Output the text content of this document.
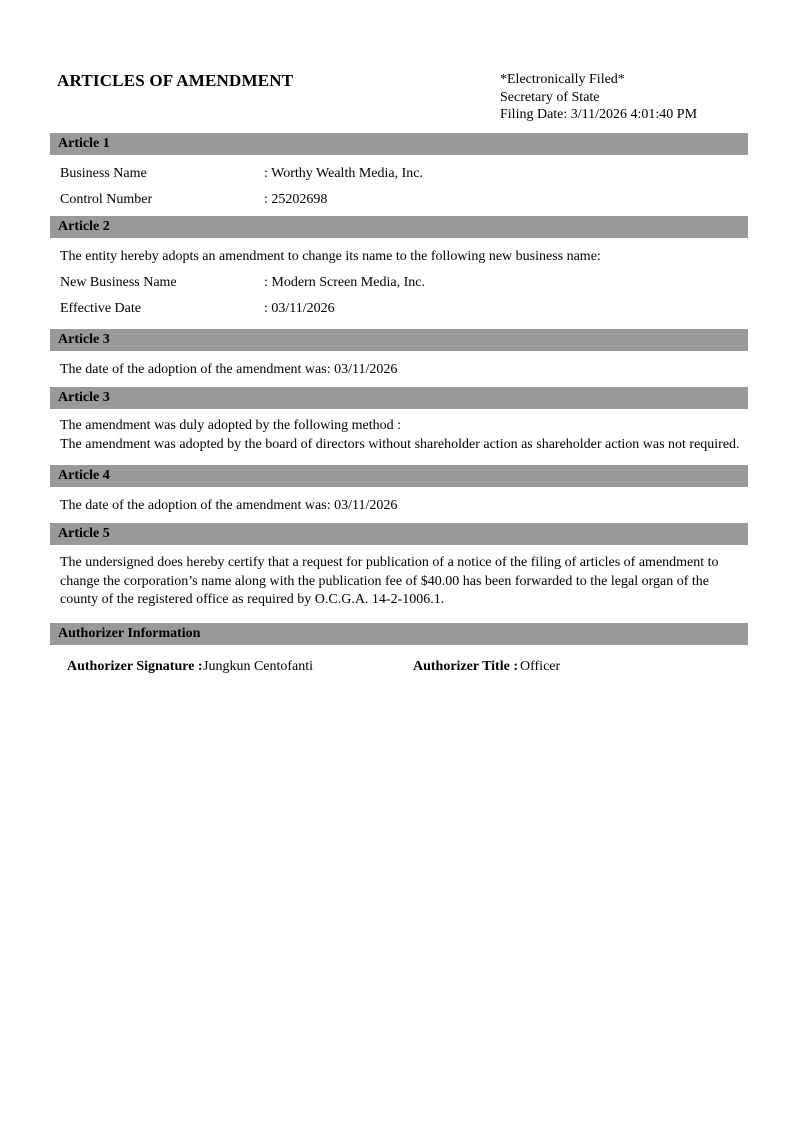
ARTICLES OF AMENDMENT	*Electronically Filed*
Secretary of State
Filing Date: 3/11/2026 4:01:40 PM
Article 1
Business Name	: Worthy Wealth Media, Inc.
Control Number	: 25202698
Article 2
The entity hereby adopts an amendment to change its name to the following new business name:
New Business Name	: Modern Screen Media, Inc.
Effective Date	: 03/11/2026
Article 3
The date of the adoption of the amendment was: 03/11/2026
Article 3
The amendment was duly adopted by the following method :
The amendment was adopted by the board of directors without shareholder action as shareholder action was not required.
Article 4
The date of the adoption of the amendment was: 03/11/2026
Article 5
The undersigned does hereby certify that a request for publication of a notice of the filing of articles of amendment to change the corporation’s name along with the publication fee of $40.00 has been forwarded to the legal organ of the county of the registered office as required by O.C.G.A. 14-2-1006.1.
Authorizer Information
Authorizer Signature : Jungkun Centofanti	Authorizer Title : Officer
